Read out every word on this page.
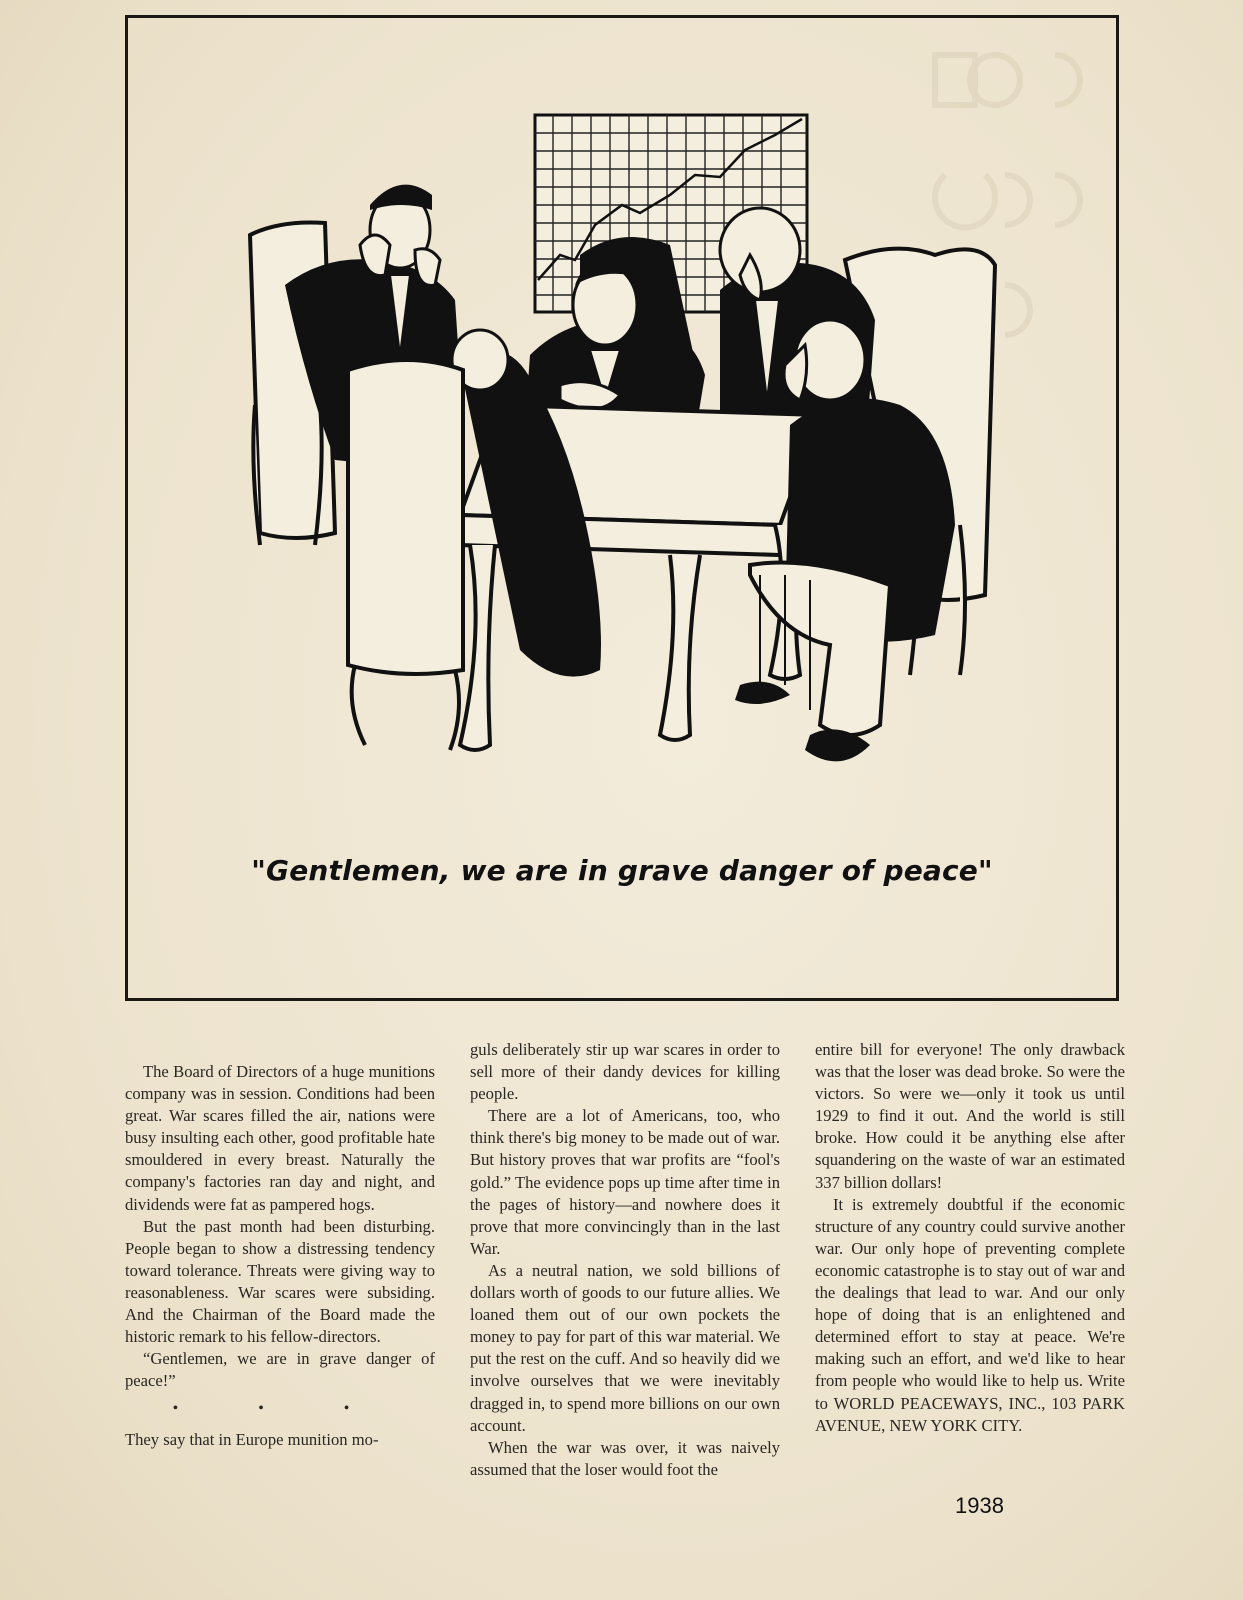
"Gentlemen, we are in grave danger of peace"

The Board of Directors of a huge munitions company was in session. Conditions had been great. War scares filled the air, nations were busy insulting each other, good profitable hate smouldered in every breast. Naturally the company's factories ran day and night, and dividends were fat as pampered hogs.

But the past month had been disturbing. People began to show a distressing tendency toward tolerance. Threats were giving way to reasonableness. War scares were subsiding. And the Chairman of the Board made the historic remark to his fellow-directors.

“Gentlemen, we are in grave danger of peace!”

• • •

They say that in Europe munition mo-

guls deliberately stir up war scares in order to sell more of their dandy devices for killing people.

There are a lot of Americans, too, who think there's big money to be made out of war. But history proves that war profits are “fool's gold.” The evidence pops up time after time in the pages of history—and nowhere does it prove that more convincingly than in the last War.

As a neutral nation, we sold billions of dollars worth of goods to our future allies. We loaned them out of our own pockets the money to pay for part of this war material. We put the rest on the cuff. And so heavily did we involve ourselves that we were inevitably dragged in, to spend more billions on our own account.

When the war was over, it was naively assumed that the loser would foot the

entire bill for everyone! The only drawback was that the loser was dead broke. So were the victors. So were we—only it took us until 1929 to find it out. And the world is still broke. How could it be anything else after squandering on the waste of war an estimated 337 billion dollars!

It is extremely doubtful if the economic structure of any country could survive another war. Our only hope of preventing complete economic catastrophe is to stay out of war and the dealings that lead to war. And our only hope of doing that is an enlightened and determined effort to stay at peace. We're making such an effort, and we'd like to hear from people who would like to help us. Write to WORLD PEACEWAYS, INC., 103 PARK AVENUE, NEW YORK CITY.

1938
